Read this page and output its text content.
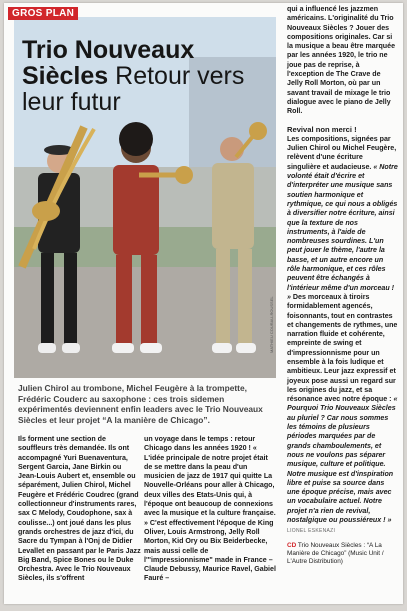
GROS PLAN
Trio Nouveaux Siècles Retour vers leur futur
MATHIEU COURAU-ROUSSEL
Julien Chirol au trombone, Michel Feugère à la trompette, Frédéric Couderc au saxophone : ces trois sidemen expérimentés deviennent enfin leaders avec le Trio Nouveaux Siècles et leur projet “A la manière de Chicago”.
Ils forment une section de souffleurs très demandée. Ils ont accompagné Yuri Buenaventura, Sergent Garcia, Jane Birkin ou Jean-Louis Aubert et, ensemble ou séparément, Julien Chirol, Michel Feugère et Frédéric Coudrec (grand collectionneur d'instruments rares, sax C Melody, Coudophone, sax à coulisse...) ont joué dans les plus grands orchestres de jazz d'ici, du Sacre du Tympan à l'Onj de Didier Levallet en passant par le Paris Jazz Big Band, Spice Bones ou le Duke Orchestra. Avec le Trio Nouveaux Siècles, ils s'offrent
un voyage dans le temps : retour Chicago dans les années 1920 ! « L'idée principale de notre projet était de se mettre dans la peau d'un musicien de jazz de 1917 qui quitte La Nouvelle-Orléans pour aller à Chicago, deux villes des Etats-Unis qui, à l'époque ont beaucoup de connexions avec la musique et la culture française. » C'est effectivement l'époque de King Oliver, Louis Armstrong, Jelly Roll Morton, Kid Ory ou Bix Beiderbecke, mais aussi celle de l'"impressionnisme" made in France – Claude Debussy, Maurice Ravel, Gabiel Fauré –
qui a influencé les jazzmen américains. L'originalité du Trio Nouveaux Siècles ? Jouer des compositions originales. Car si la musique a beau être marquée par les années 1920, le trio ne joue pas de reprise, à l'exception de The Crave de Jelly Roll Morton, où par un savant travail de mixage le trio dialogue avec le piano de Jelly Roll.
Revival non merci !
Les compositions, signées par Julien Chirol ou Michel Feugère, relèvent d'une écriture singulière et audacieuse. « Notre volonté était d'écrire et d'interpréter une musique sans soutien harmonique et rythmique, ce qui nous a obligés à diversifier notre écriture, ainsi que la texture de nos instruments, à l'aide de nombreuses sourdines. L'un peut jouer le thème, l'autre la basse, et un autre encore un rôle harmonique, et ces rôles peuvent être échangés à l'intérieur même d'un morceau ! » Des morceaux à tiroirs formidablement agencés, foisonnants, tout en contrastes et changements de rythmes, une narration fluide et cohérente, empreinte de swing et d'impressionnisme pour un ensemble à la fois ludique et ambitieux. Leur jazz expressif et joyeux pose aussi un regard sur les origines du jazz, et sa résonance avec notre époque : « Pourquoi Trio Nouveaux Siècles au pluriel ? Car nous sommes les témoins de plusieurs périodes marquées par de grands chamboulements, et nous ne voulons pas séparer musique, culture et politique. Notre musique est d'inspiration libre et puise sa source dans une époque précise, mais avec un vocabulaire actuel. Notre projet n'a rien de revival, nostalgique ou poussiéreux ! »
LIONEL ESKENAZI
CD Trio Nouveaux Siècles : “A La Manière de Chicago” (Music Unit / L'Autre Distribution)
